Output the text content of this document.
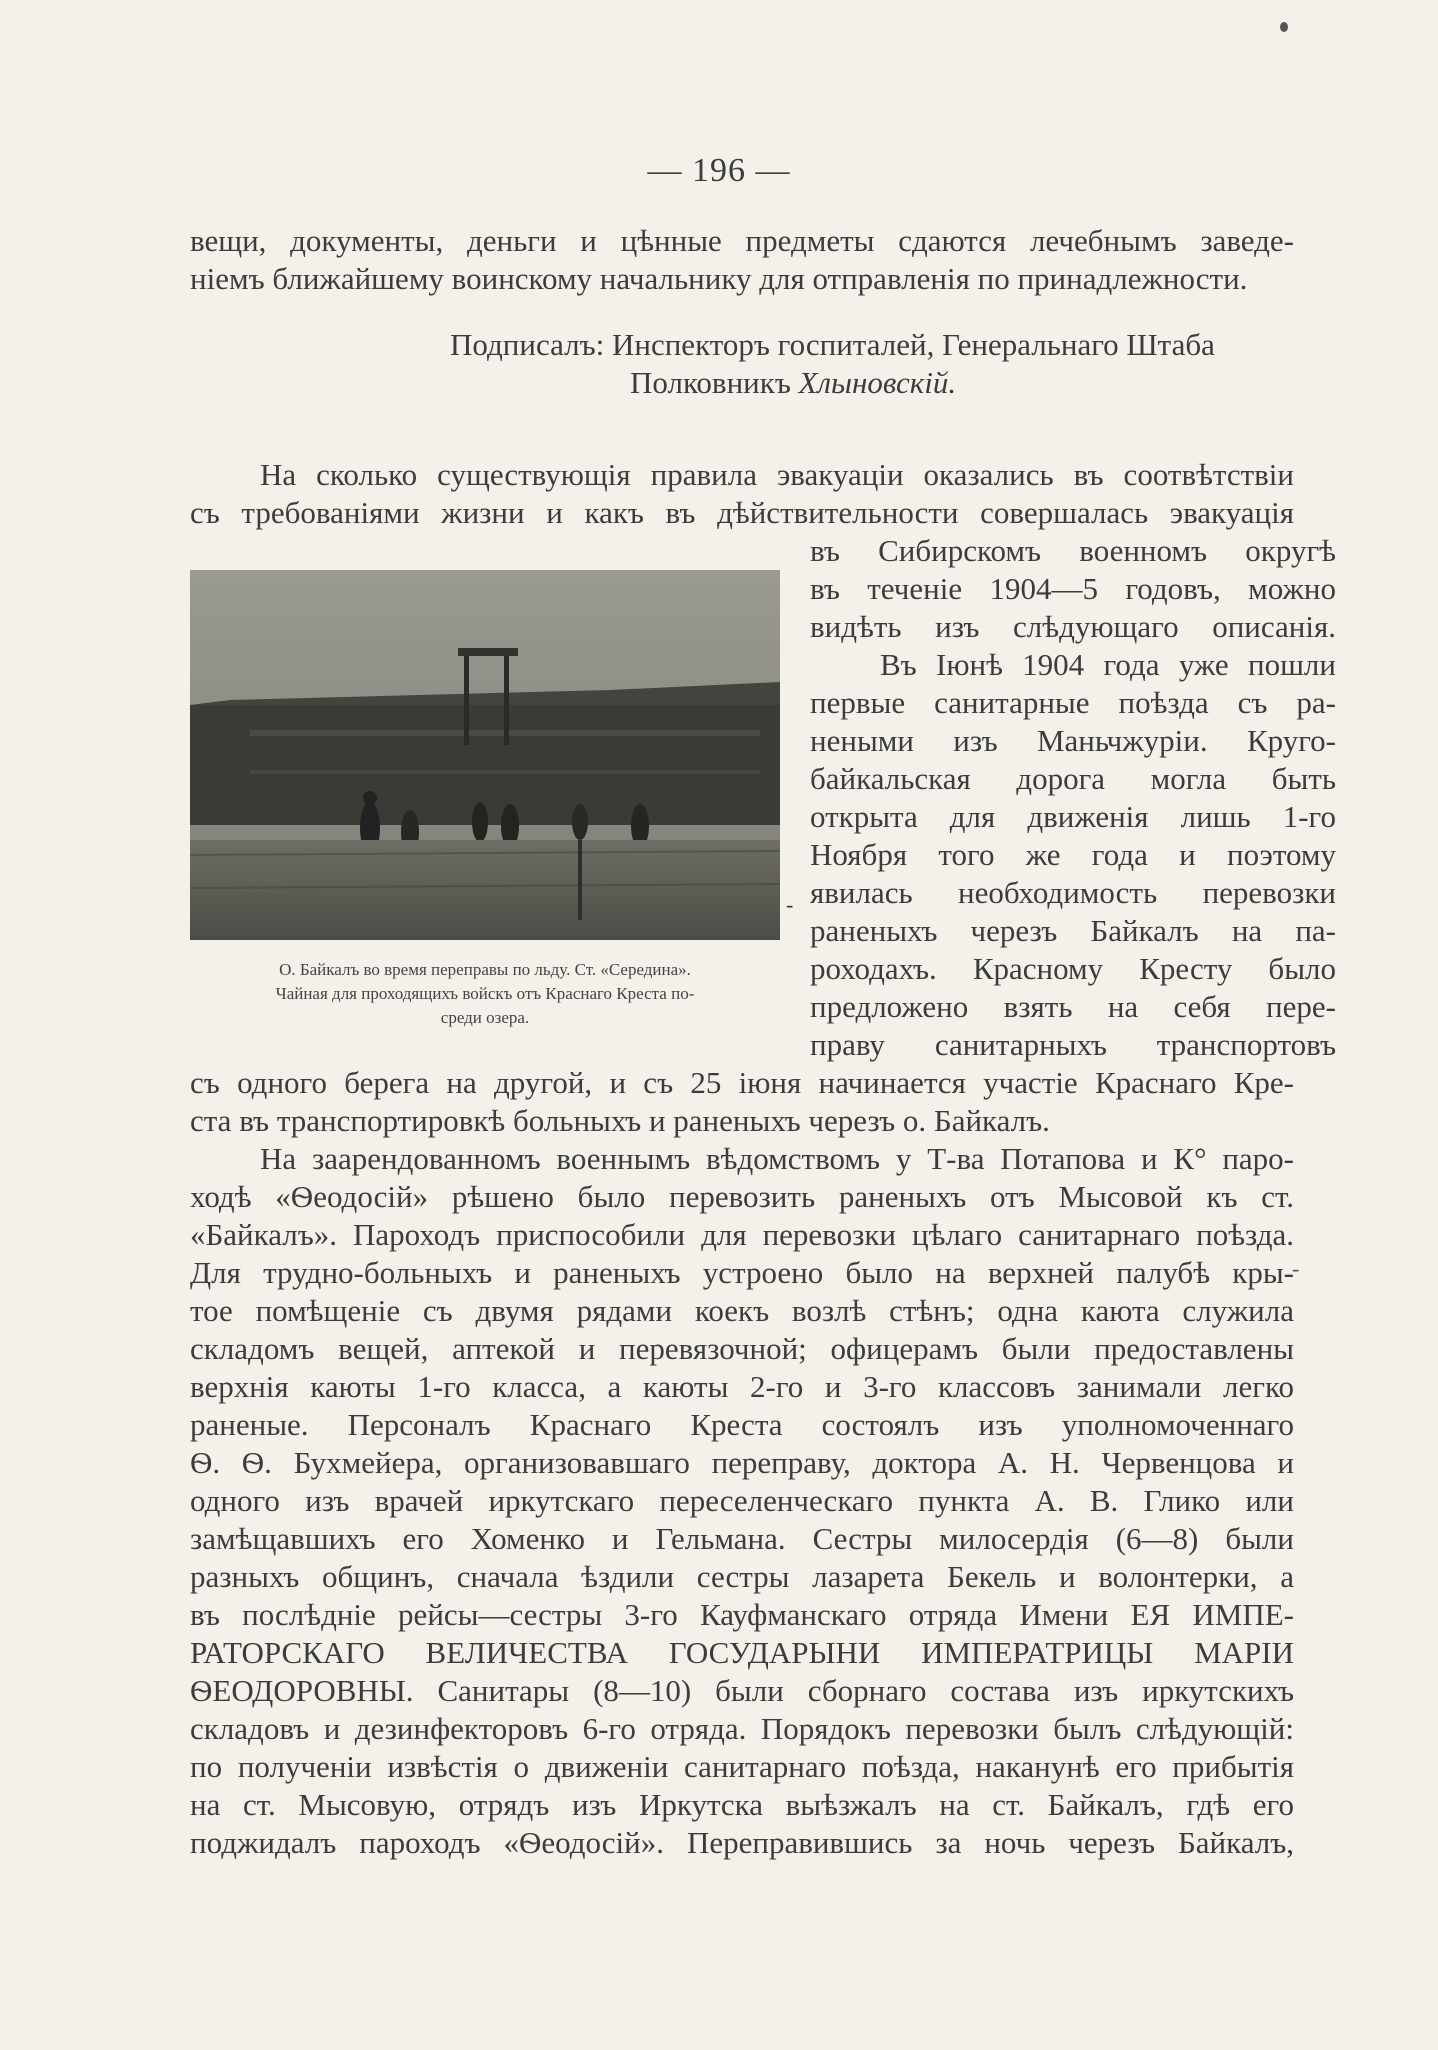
— 196 —
вещи, документы, деньги и цѣнные предметы сдаются лечебнымъ заведе-
ніемъ ближайшему воинскому начальнику для отправленія по принадлежности.
Подписалъ: Инспекторъ госпиталей, Генеральнаго Штаба
Полковникъ Хлыновскій.
На сколько существующія правила эвакуаціи оказались въ соотвѣтствіи
съ требованіями жизни и какъ въ дѣйствительности совершалась эвакуація
въ Сибирскомъ военномъ округѣ
въ теченіе 1904—5 годовъ, можно
видѣть изъ слѣдующаго описанія.
Въ Іюнѣ 1904 года уже пошли
первые санитарные поѣзда съ ра-
неными изъ Маньчжуріи. Круго-
байкальская дорога могла быть
открыта для движенія лишь 1-го
Ноября того же года и поэтому
явилась необходимость перевозки
раненыхъ черезъ Байкалъ на па-
роходахъ. Красному Кресту было
предложено взять на себя пере-
праву санитарныхъ транспортовъ
-
О. Байкалъ во время переправы по льду. Ст. «Середина».
Чайная для проходящихъ войскъ отъ Краснаго Креста по-
среди озера.
съ одного берега на другой, и съ 25 іюня начинается участіе Краснаго Кре-
ста въ транспортировкѣ больныхъ и раненыхъ черезъ о. Байкалъ.
На заарендованномъ военнымъ вѣдомствомъ у Т-ва Потапова и К° паро-
ходѣ «Ѳеодосій» рѣшено было перевозить раненыхъ отъ Мысовой къ ст.
«Байкалъ». Пароходъ приспособили для перевозки цѣлаго санитарнаго поѣзда.
Для трудно-больныхъ и раненыхъ устроено было на верхней палубѣ кры-
тое помѣщеніе съ двумя рядами коекъ возлѣ стѣнъ; одна каюта служила
складомъ вещей, аптекой и перевязочной; офицерамъ были предоставлены
верхнія каюты 1-го класса, а каюты 2-го и 3-го классовъ занимали легко
раненые. Персоналъ Краснаго Креста состоялъ изъ уполномоченнаго
Ѳ. Ѳ. Бухмейера, организовавшаго переправу, доктора А. Н. Червенцова и
одного изъ врачей иркутскаго переселенческаго пункта А. В. Глико или
замѣщавшихъ его Хоменко и Гельмана. Сестры милосердія (6—8) были
разныхъ общинъ, сначала ѣздили сестры лазарета Бекель и волонтерки, а
въ послѣдніе рейсы—сестры 3-го Кауфманскаго отряда Имени ЕЯ ИМПЕ-
РАТОРСКАГО ВЕЛИЧЕСТВА ГОСУДАРЫНИ ИМПЕРАТРИЦЫ МАРІИ
ѲЕОДОРОВНЫ. Санитары (8—10) были сборнаго состава изъ иркутскихъ
складовъ и дезинфекторовъ 6-го отряда. Порядокъ перевозки былъ слѣдующій:
по полученіи извѣстія о движеніи санитарнаго поѣзда, наканунѣ его прибытія
на ст. Мысовую, отрядъ изъ Иркутска выѣзжалъ на ст. Байкалъ, гдѣ его
поджидалъ пароходъ «Ѳеодосій». Переправившись за ночь черезъ Байкалъ,
-
